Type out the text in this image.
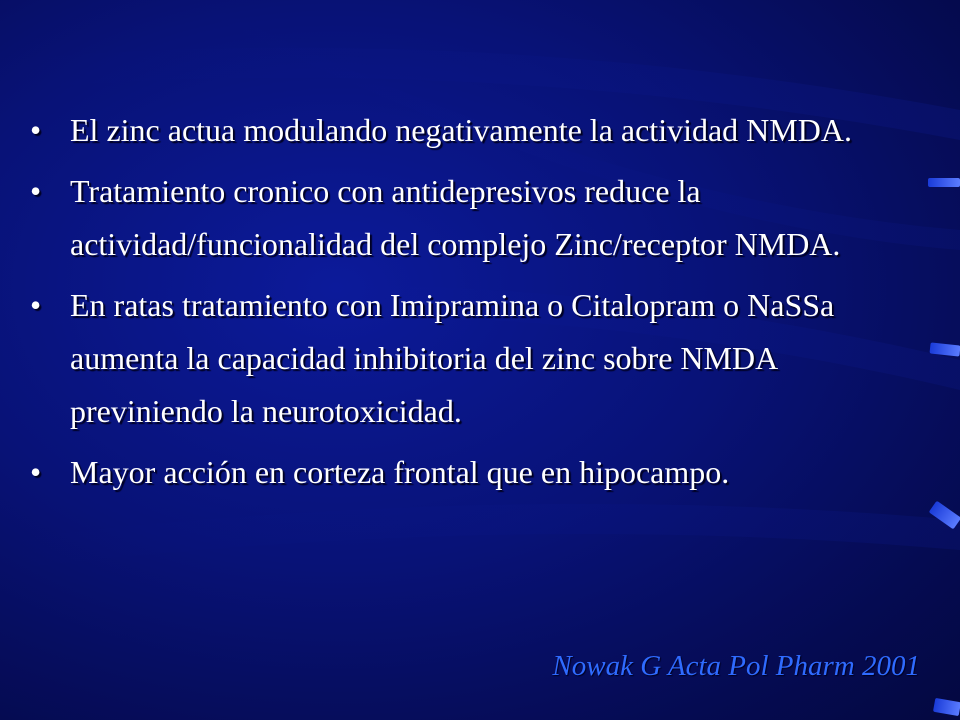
• El zinc actua modulando negativamente la actividad NMDA.
• Tratamiento cronico con antidepresivos reduce la actividad/funcionalidad del complejo Zinc/receptor NMDA.
• En ratas tratamiento con Imipramina o Citalopram o NaSSa aumenta la capacidad inhibitoria del zinc sobre NMDA previniendo la neurotoxicidad.
• Mayor acción en corteza frontal que en hipocampo.
Nowak G Acta Pol Pharm 2001
